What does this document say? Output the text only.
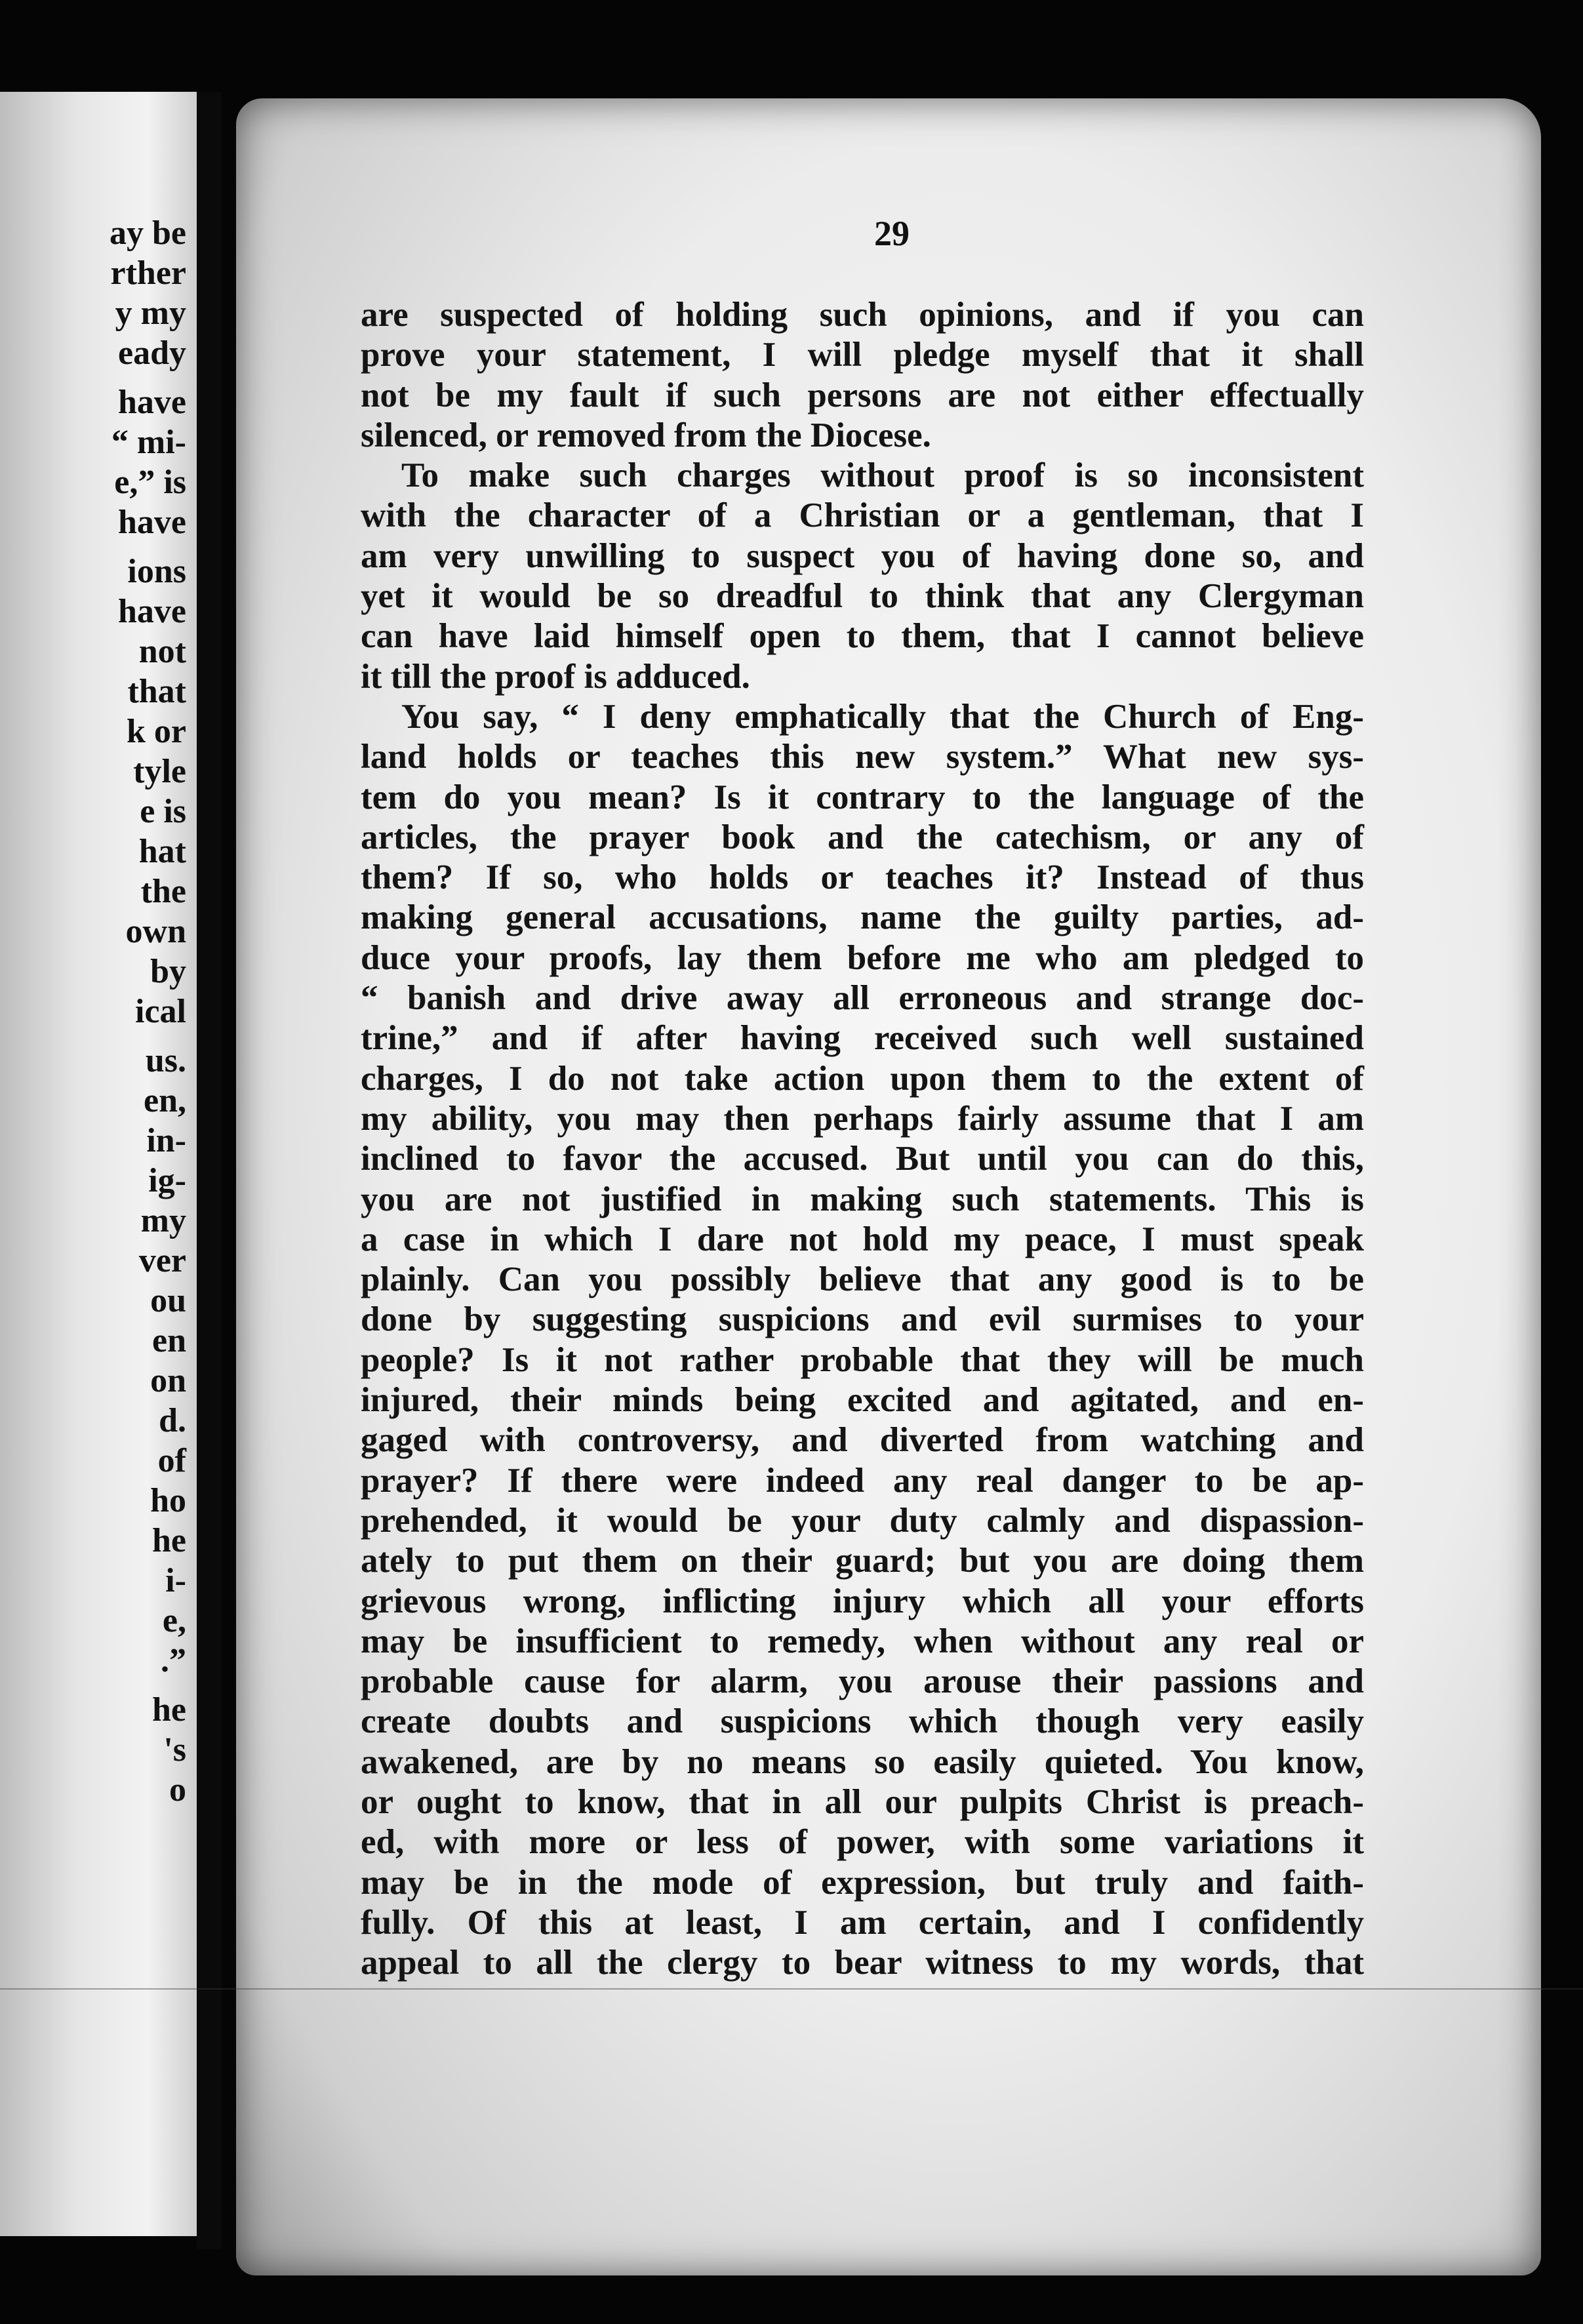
ay be
rther
y my
eady
have
“ mi-
e,” is
have
ions
have
not
that
k or
tyle
e is
hat
the
own
by
ical
us.
en,
in-
ig-
my
ver
ou
en
on
d.
of
ho
he
i-
e,
.”
he
's
o
29
are suspected of holding such opinions, and if you can
prove your statement, I will pledge myself that it shall
not be my fault if such persons are not either effectually
silenced, or removed from the Diocese.
To make such charges without proof is so inconsistent
with the character of a Christian or a gentleman, that I
am very unwilling to suspect you of having done so, and
yet it would be so dreadful to think that any Clergyman
can have laid himself open to them, that I cannot believe
it till the proof is adduced.
You say, “ I deny emphatically that the Church of Eng-
land holds or teaches this new system.” What new sys-
tem do you mean? Is it contrary to the language of the
articles, the prayer book and the catechism, or any of
them? If so, who holds or teaches it? Instead of thus
making general accusations, name the guilty parties, ad-
duce your proofs, lay them before me who am pledged to
“ banish and drive away all erroneous and strange doc-
trine,” and if after having received such well sustained
charges, I do not take action upon them to the extent of
my ability, you may then perhaps fairly assume that I am
inclined to favor the accused. But until you can do this,
you are not justified in making such statements. This is
a case in which I dare not hold my peace, I must speak
plainly. Can you possibly believe that any good is to be
done by suggesting suspicions and evil surmises to your
people? Is it not rather probable that they will be much
injured, their minds being excited and agitated, and en-
gaged with controversy, and diverted from watching and
prayer? If there were indeed any real danger to be ap-
prehended, it would be your duty calmly and dispassion-
ately to put them on their guard; but you are doing them
grievous wrong, inflicting injury which all your efforts
may be insufficient to remedy, when without any real or
probable cause for alarm, you arouse their passions and
create doubts and suspicions which though very easily
awakened, are by no means so easily quieted. You know,
or ought to know, that in all our pulpits Christ is preach-
ed, with more or less of power, with some variations it
may be in the mode of expression, but truly and faith-
fully. Of this at least, I am certain, and I confidently
appeal to all the clergy to bear witness to my words, that
